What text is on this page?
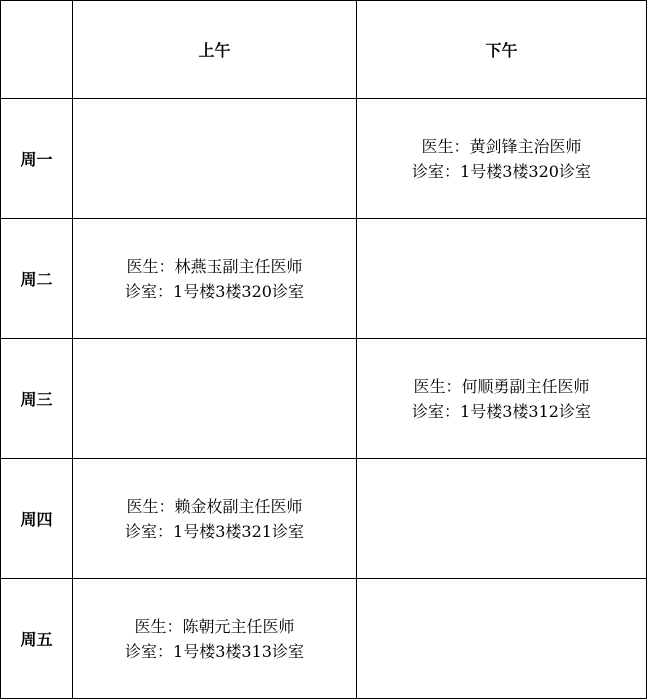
	上午	下午
周一		医生：黄剑锋主治医师
诊室：1号楼3楼320诊室

周二	医生：林燕玉副主任医师
诊室：1号楼3楼320诊室	

周三		医生：何顺勇副主任医师
诊室：1号楼3楼312诊室

周四	医生：赖金枚副主任医师
诊室：1号楼3楼321诊室	

周五	医生：陈朝元主任医师
诊室：1号楼3楼313诊室	
